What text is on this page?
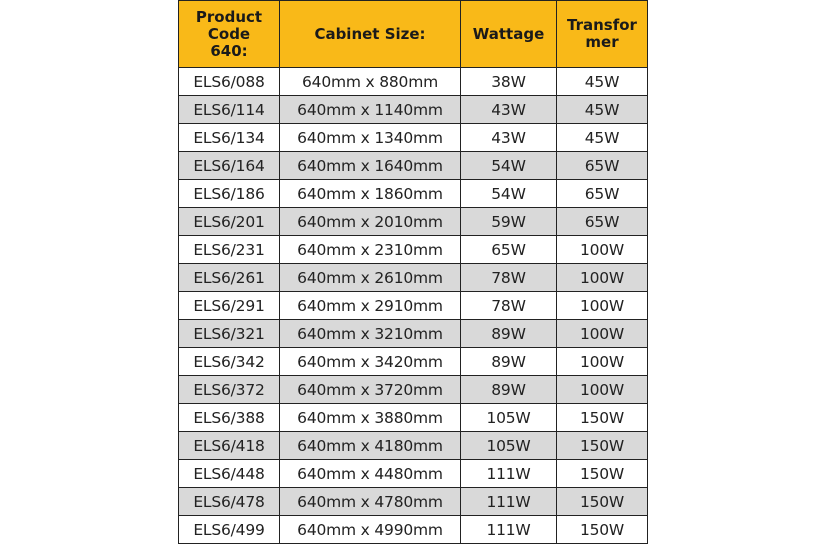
Product
Code
640:	Cabinet Size:	Wattage	Transfor
mer

ELS6/088	640mm x 880mm	38W	45W
ELS6/114	640mm x 1140mm	43W	45W
ELS6/134	640mm x 1340mm	43W	45W
ELS6/164	640mm x 1640mm	54W	65W
ELS6/186	640mm x 1860mm	54W	65W
ELS6/201	640mm x 2010mm	59W	65W
ELS6/231	640mm x 2310mm	65W	100W
ELS6/261	640mm x 2610mm	78W	100W
ELS6/291	640mm x 2910mm	78W	100W
ELS6/321	640mm x 3210mm	89W	100W
ELS6/342	640mm x 3420mm	89W	100W
ELS6/372	640mm x 3720mm	89W	100W
ELS6/388	640mm x 3880mm	105W	150W
ELS6/418	640mm x 4180mm	105W	150W
ELS6/448	640mm x 4480mm	111W	150W
ELS6/478	640mm x 4780mm	111W	150W
ELS6/499	640mm x 4990mm	111W	150W
